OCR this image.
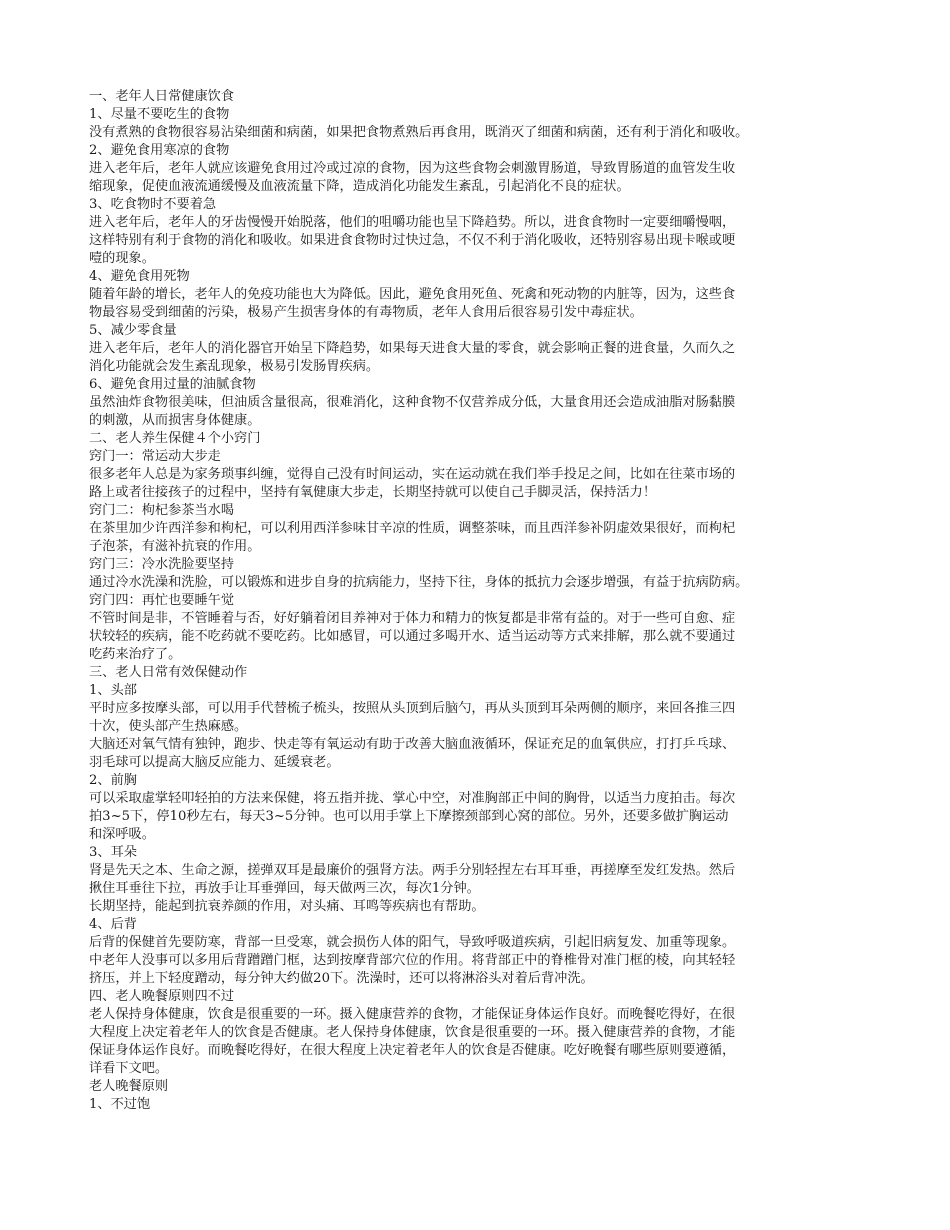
一、老年人日常健康饮食

1、尽量不要吃生的食物

没有煮熟的食物很容易沾染细菌和病菌，如果把食物煮熟后再食用，既消灭了细菌和病菌，还有利于消化和吸收。

2、避免食用寒凉的食物

进入老年后，老年人就应该避免食用过冷或过凉的食物，因为这些食物会刺激胃肠道，导致胃肠道的血管发生收
缩现象，促使血液流通缓慢及血液流量下降，造成消化功能发生紊乱，引起消化不良的症状。

3、吃食物时不要着急

进入老年后，老年人的牙齿慢慢开始脱落，他们的咀嚼功能也呈下降趋势。所以，进食食物时一定要细嚼慢咽，
这样特别有利于食物的消化和吸收。如果进食食物时过快过急，不仅不利于消化吸收，还特别容易出现卡喉或哽
噎的现象。

4、避免食用死物

随着年龄的增长，老年人的免疫功能也大为降低。因此，避免食用死鱼、死禽和死动物的内脏等，因为，这些食
物最容易受到细菌的污染，极易产生损害身体的有毒物质，老年人食用后很容易引发中毒症状。

5、减少零食量

进入老年后，老年人的消化器官开始呈下降趋势，如果每天进食大量的零食，就会影响正餐的进食量，久而久之
消化功能就会发生紊乱现象，极易引发肠胃疾病。

6、避免食用过量的油腻食物

虽然油炸食物很美味，但油质含量很高，很难消化，这种食物不仅营养成分低，大量食用还会造成油脂对肠黏膜
的刺激，从而损害身体健康。

二、老人养生保健４个小窍门

窍门一：常运动大步走

很多老年人总是为家务琐事纠缠，觉得自己没有时间运动，实在运动就在我们举手投足之间，比如在往菜市场的
路上或者往接孩子的过程中，坚持有氧健康大步走，长期坚持就可以使自己手脚灵活，保持活力！

窍门二：枸杞参茶当水喝

在茶里加少许西洋参和枸杞，可以利用西洋参味甘辛凉的性质，调整茶味，而且西洋参补阴虚效果很好，而枸杞
子泡茶，有滋补抗衰的作用。

窍门三：冷水洗脸要坚持

通过冷水洗澡和洗脸，可以锻炼和进步自身的抗病能力，坚持下往，身体的抵抗力会逐步增强，有益于抗病防病。

窍门四：再忙也要睡午觉

不管时间是非，不管睡着与否，好好躺着闭目养神对于体力和精力的恢复都是非常有益的。对于一些可自愈、症
状较轻的疾病，能不吃药就不要吃药。比如感冒，可以通过多喝开水、适当运动等方式来排解，那么就不要通过
吃药来治疗了。

三、老人日常有效保健动作

1、头部

平时应多按摩头部，可以用手代替梳子梳头，按照从头顶到后脑勺，再从头顶到耳朵两侧的顺序，来回各推三四
十次，使头部产生热麻感。

大脑还对氧气情有独钟，跑步、快走等有氧运动有助于改善大脑血液循环，保证充足的血氧供应，打打乒乓球、
羽毛球可以提高大脑反应能力、延缓衰老。

2、前胸

可以采取虚掌轻叩轻拍的方法来保健，将五指并拢、掌心中空，对准胸部正中间的胸骨，以适当力度拍击。每次
拍3~5下，停10秒左右，每天3~5分钟。也可以用手掌上下摩擦颈部到心窝的部位。另外，还要多做扩胸运动
和深呼吸。

3、耳朵

肾是先天之本、生命之源，搓弹双耳是最廉价的强肾方法。两手分别轻捏左右耳耳垂，再搓摩至发红发热。然后
揪住耳垂往下拉，再放手让耳垂弹回，每天做两三次，每次1分钟。

长期坚持，能起到抗衰养颜的作用，对头痛、耳鸣等疾病也有帮助。

4、后背

后背的保健首先要防寒，背部一旦受寒，就会损伤人体的阳气，导致呼吸道疾病，引起旧病复发、加重等现象。
中老年人没事可以多用后背蹭蹭门框，达到按摩背部穴位的作用。将背部正中的脊椎骨对准门框的棱，向其轻轻
挤压，并上下轻度蹭动，每分钟大约做20下。洗澡时，还可以将淋浴头对着后背冲洗。

四、老人晚餐原则四不过

老人保持身体健康，饮食是很重要的一环。摄入健康营养的食物，才能保证身体运作良好。而晚餐吃得好，在很
大程度上决定着老年人的饮食是否健康。老人保持身体健康，饮食是很重要的一环。摄入健康营养的食物，才能
保证身体运作良好。而晚餐吃得好，在很大程度上决定着老年人的饮食是否健康。吃好晚餐有哪些原则要遵循，
详看下文吧。

老人晚餐原则

1、不过饱
